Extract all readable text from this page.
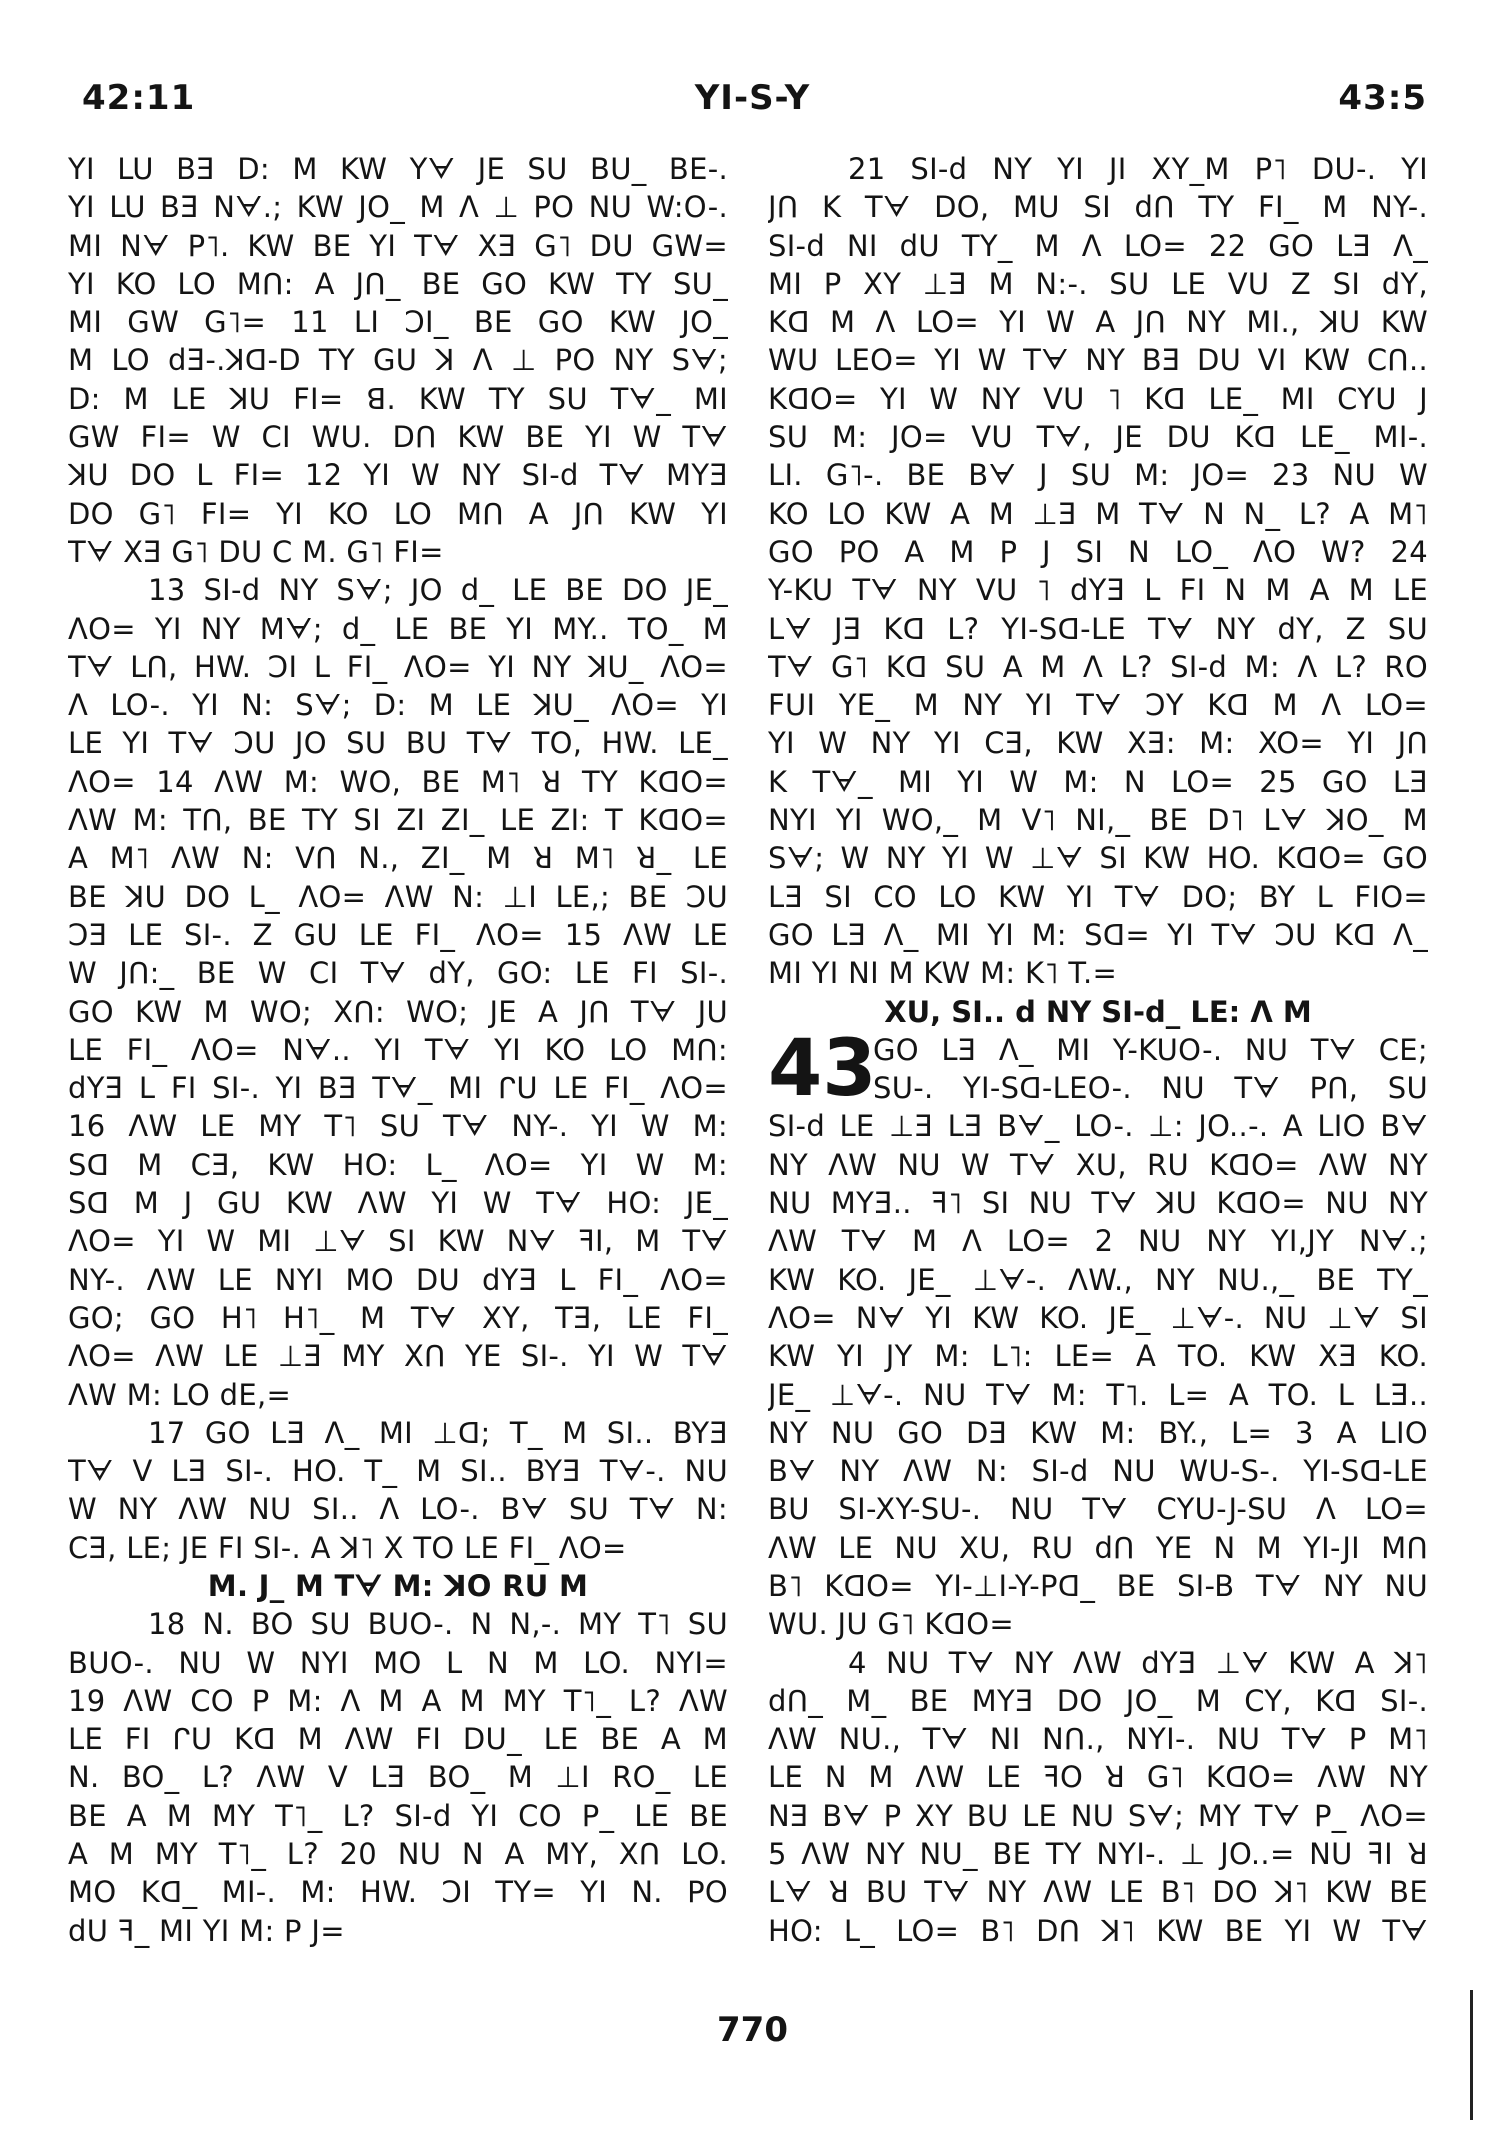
42:11	YI-S-Y	43:5
YI LU BƎ D: M KW Yᗄ JE SU BU_ BE-.
YI LU BƎ Nᗄ.; KW JO_ M Λ ⊥ PO NU W:O-.
MI Nᗄ P˥. KW BE YI Tᗄ XƎ G˥ DU GW=
YI KO LO Mᑎ: A Jᑎ_ BE GO KW TY SU_
MI GW G˥= 11 LI ƆI_ BE GO KW JO_
M LO dƎ-.ꓘᗡ-D TY GU ꓘ Λ ⊥ PO NY Sᗄ;
D: M LE ꓘU FI= ꓭ. KW TY SU Tᗄ_ MI
GW FI= W CI WU. Dᑎ KW BE YI W Tᗄ
ꓘU DO L FI= 12 YI W NY SI-d Tᗄ MYƎ
DO G˥ FI= YI KO LO Mᑎ A Jᑎ KW YI
Tᗄ XƎ G˥ DU C M. G˥ FI=
13 SI-d NY Sᗄ; JO d_ LE BE DO JE_
ΛO= YI NY Mᗄ; d_ LE BE YI MY.. TO_ M
Tᗄ Lᑎ, HW. ƆI L FI_ ΛO= YI NY ꓘU_ ΛO=
Λ LO-. YI N: Sᗄ; D: M LE ꓘU_ ΛO= YI
LE YI Tᗄ ƆU JO SU BU Tᗄ TO, HW. LE_
ΛO= 14 ΛW M: WO, BE M˥ ꓤ TY KᗡO=
ΛW M: Tᑎ, BE TY SI ZI ZI_ LE ZI: T KᗡO=
A M˥ ΛW N: Vᑎ N., ZI_ M ꓤ M˥ ꓤ_ LE
BE ꓘU DO L_ ΛO= ΛW N: ⊥I LE,; BE ƆU
ƆƎ LE SI-. Z GU LE FI_ ΛO= 15 ΛW LE
W Jᑎ:_ BE W CI Tᗄ dY, GO: LE FI SI-.
GO KW M WO; Xᑎ: WO; JE A Jᑎ Tᗄ JU
LE FI_ ΛO= Nᗄ.. YI Tᗄ YI KO LO Mᑎ:
dYƎ L FI SI-. YI BƎ Tᗄ_ MI ᒋU LE FI_ ΛO=
16 ΛW LE MY T˥ SU Tᗄ NY-. YI W M:
Sᗡ M CƎ, KW HO: L_ ΛO= YI W M:
Sᗡ M J GU KW ΛW YI W Tᗄ HO: JE_
ΛO= YI W MI ⊥ᗄ SI KW Nᗄ ꟻI, M Tᗄ
NY-. ΛW LE NYI MO DU dYƎ L FI_ ΛO=
GO; GO H˥ H˥_ M Tᗄ XY, TƎ, LE FI_
ΛO= ΛW LE ⊥Ǝ MY Xᑎ YE SI-. YI W Tᗄ
ΛW M: LO dE,=
17 GO LƎ Λ_ MI ⊥ᗡ; T_ M SI.. BYƎ
Tᗄ V LƎ SI-. HO. T_ M SI.. BYƎ Tᗄ-. NU
W NY ΛW NU SI.. Λ LO-. Bᗄ SU Tᗄ N:
CƎ, LE; JE FI SI-. A ꓘ˥ X TO LE FI_ ΛO=
M. J_ M Tᗄ M: ꓘO RU M
18 N. BO SU BUO-. N N,-. MY T˥ SU
BUO-. NU W NYI MO L N M LO. NYI=
19 ΛW CO P M: Λ M A M MY T˥_ L? ΛW
LE FI ᒋU Kᗡ M ΛW FI DU_ LE BE A M
N. BO_ L? ΛW V LƎ BO_ M ⊥I RO_ LE
BE A M MY T˥_ L? SI-d YI CO P_ LE BE
A M MY T˥_ L? 20 NU N A MY, Xᑎ LO.
MO Kᗡ_ MI-. M: HW. ƆI TY= YI N. PO
dU ꟻ_ MI YI M: P J=
21 SI-d NY YI JI XY_M P˥ DU-. YI
Jᑎ K Tᗄ DO, MU SI dᑎ TY FI_ M NY-.
SI-d NI dU TY_ M Λ LO= 22 GO LƎ Λ_
MI P XY ⊥Ǝ M N:-. SU LE VU Z SI dY,
Kᗡ M Λ LO= YI W A Jᑎ NY MI., ꓘU KW
WU LEO= YI W Tᗄ NY BƎ DU VI KW Cᑎ..
KᗡO= YI W NY VU ˥ Kᗡ LE_ MI CYU J
SU M: JO= VU Tᗄ, JE DU Kᗡ LE_ MI-.
LI. G˥-. BE Bᗄ J SU M: JO= 23 NU W
KO LO KW A M ⊥Ǝ M Tᗄ N N_ L? A M˥
GO PO A M P J SI N LO_ ΛO W? 24
Y-KU Tᗄ NY VU ˥ dYƎ L FI N M A M LE
Lᗄ JƎ Kᗡ L? YI-Sᗡ-LE Tᗄ NY dY, Z SU
Tᗄ G˥ Kᗡ SU A M Λ L? SI-d M: Λ L? RO
FUI YE_ M NY YI Tᗄ ƆY Kᗡ M Λ LO=
YI W NY YI CƎ, KW XƎ: M: XO= YI Jᑎ
K Tᗄ_ MI YI W M: N LO= 25 GO LƎ
NYI YI WO,_ M V˥ NI,_ BE D˥ Lᗄ ꓘO_ M
Sᗄ; W NY YI W ⊥ᗄ SI KW HO. KᗡO= GO
LƎ SI CO LO KW YI Tᗄ DO; BY L FIO=
GO LƎ Λ_ MI YI M: Sᗡ= YI Tᗄ ƆU Kᗡ Λ_
MI YI NI M KW M: K˥ T.=
XU, SI.. d NY SI-d_ LE: Λ M
43
GO LƎ Λ_ MI Y-KUO-. NU Tᗄ CE;
SU-. YI-Sᗡ-LEO-. NU Tᗄ Pᑎ, SU
SI-d LE ⊥Ǝ LƎ Bᗄ_ LO-. ⊥: JO..-. A LIO Bᗄ
NY ΛW NU W Tᗄ XU, RU KᗡO= ΛW NY
NU MYƎ.. ꟻ˥ SI NU Tᗄ ꓘU KᗡO= NU NY
ΛW Tᗄ M Λ LO= 2 NU NY YI,JY Nᗄ.;
KW KO. JE_ ⊥ᗄ-. ΛW., NY NU.,_ BE TY_
ΛO= Nᗄ YI KW KO. JE_ ⊥ᗄ-. NU ⊥ᗄ SI
KW YI JY M: L˥: LE= A TO. KW XƎ KO.
JE_ ⊥ᗄ-. NU Tᗄ M: T˥. L= A TO. L LƎ..
NY NU GO DƎ KW M: BY., L= 3 A LIO
Bᗄ NY ΛW N: SI-d NU WU-S-. YI-Sᗡ-LE
BU SI-XY-SU-. NU Tᗄ CYU-J-SU Λ LO=
ΛW LE NU XU, RU dᑎ YE N M YI-JI Mᑎ
B˥ KᗡO= YI-⊥I-Y-Pᗡ_ BE SI-B Tᗄ NY NU
WU. JU G˥ KᗡO=
4 NU Tᗄ NY ΛW dYƎ ⊥ᗄ KW A ꓘ˥
dᑎ_ M_ BE MYƎ DO JO_ M CY, Kᗡ SI-.
ΛW NU., Tᗄ NI Nᑎ., NYI-. NU Tᗄ P M˥
LE N M ΛW LE ꟻO ꓤ G˥ KᗡO= ΛW NY
NƎ Bᗄ P XY BU LE NU Sᗄ; MY Tᗄ P_ ΛO=
5 ΛW NY NU_ BE TY NYI-. ⊥ JO..= NU ꟻI ꓤ
Lᗄ ꓤ BU Tᗄ NY ΛW LE B˥ DO ꓘ˥ KW BE
HO: L_ LO= B˥ Dᑎ ꓘ˥ KW BE YI W Tᗄ
770
